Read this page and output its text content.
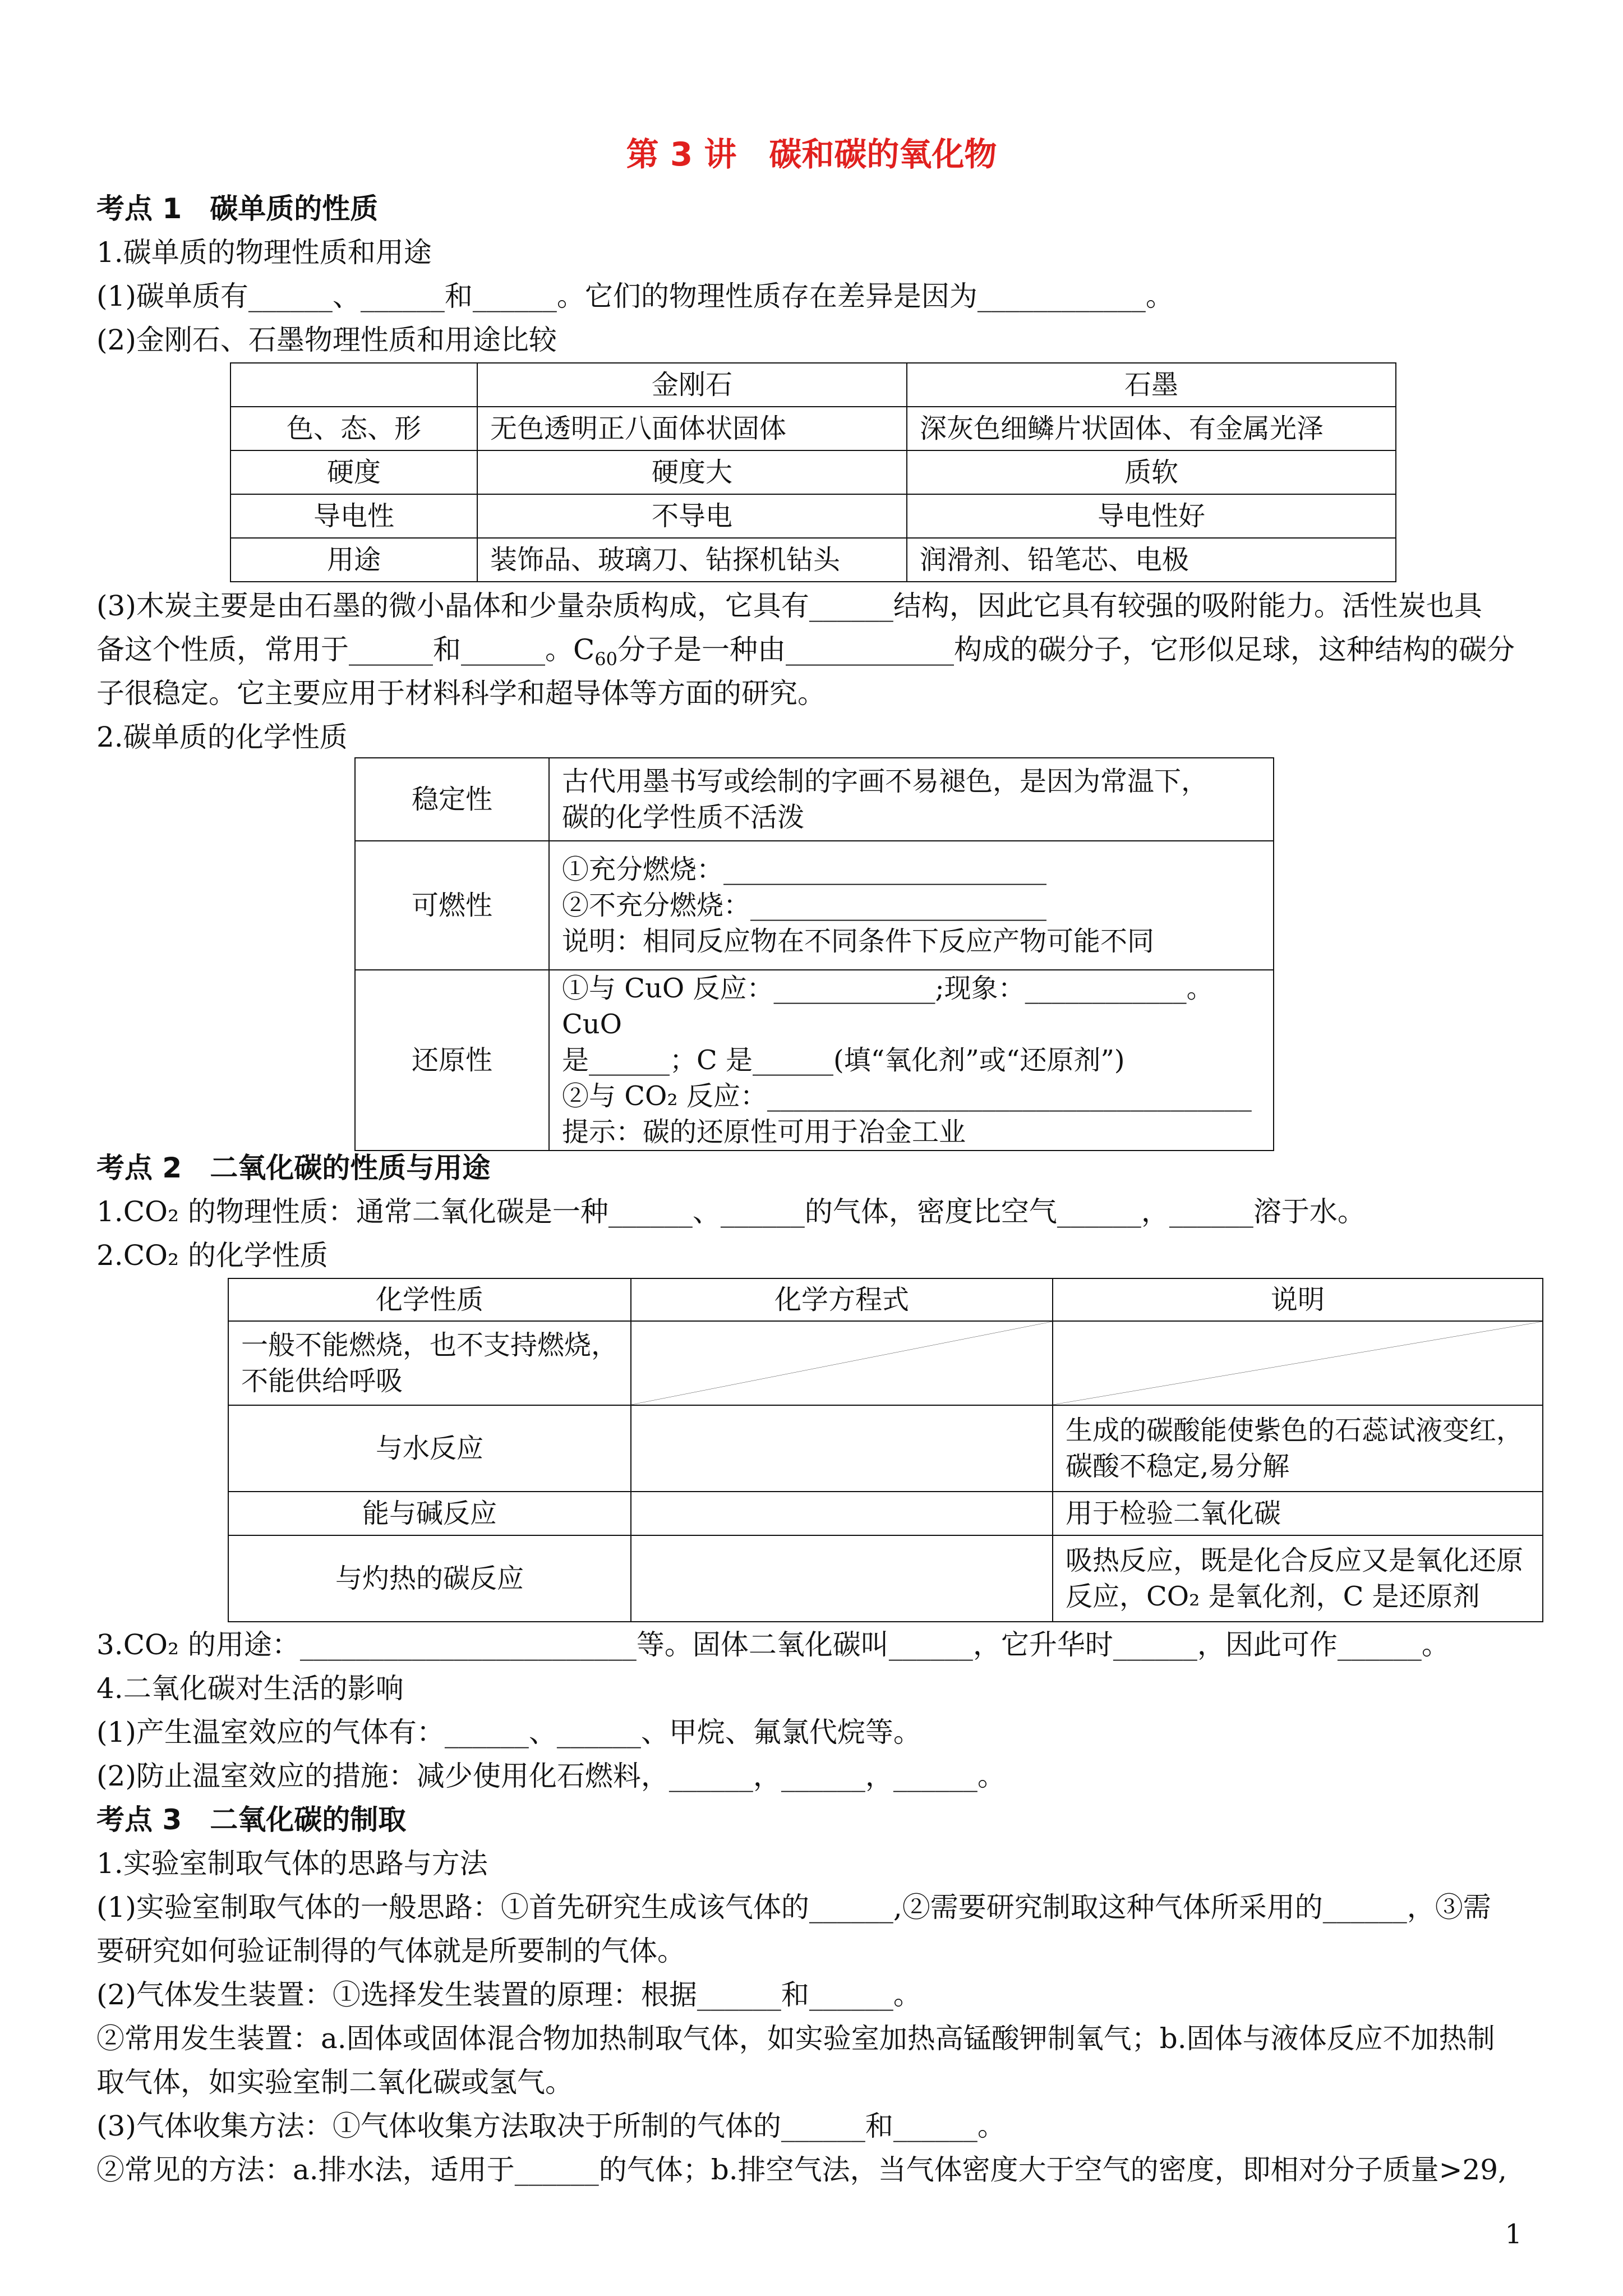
第 3 讲　碳和碳的氧化物
考点 1　碳单质的性质
1.碳单质的物理性质和用途
(1)碳单质有______、______和______。它们的物理性质存在差异是因为____________。
(2)金刚石、石墨物理性质和用途比较
	金刚石	石墨
色、态、形	无色透明正八面体状固体	深灰色细鳞片状固体、有金属光泽
硬度	硬度大	质软
导电性	不导电	导电性好
用途	装饰品、玻璃刀、钻探机钻头	润滑剂、铅笔芯、电极
(3)木炭主要是由石墨的微小晶体和少量杂质构成，它具有______结构，因此它具有较强的吸附能力。活性炭也具
备这个性质，常用于______和______。$C_{60}$分子是一种由____________构成的碳分子，它形似足球，这种结构的碳分
子很稳定。它主要应用于材料科学和超导体等方面的研究。
2.碳单质的化学性质
稳定性	古代用墨书写或绘制的字画不易褪色，是因为常温下，
碳的化学性质不活泼

可燃性	①充分燃烧：________________________
②不充分燃烧：______________________
说明：相同反应物在不同条件下反应产物可能不同

还原性	①与 CuO 反应：____________;现象：____________。CuO
是______；C 是______(填“氧化剂”或“还原剂”)
②与 CO₂ 反应：____________________________________
提示：碳的还原性可用于冶金工业
考点 2　二氧化碳的性质与用途
1.CO₂ 的物理性质：通常二氧化碳是一种______、______的气体，密度比空气______，______溶于水。
2.CO₂ 的化学性质
化学性质	化学方程式	说明
一般不能燃烧，也不支持燃烧，不能供给呼吸	

与水反应		生成的碳酸能使紫色的石蕊试液变红，碳酸不稳定,易分解
能与碱反应		用于检验二氧化碳
与灼热的碳反应		吸热反应，既是化合反应又是氧化还原反应，CO₂ 是氧化剂，C 是还原剂
3.CO₂ 的用途：________________________等。固体二氧化碳叫______，它升华时______，因此可作______。
4.二氧化碳对生活的影响
(1)产生温室效应的气体有：______、______、甲烷、氟氯代烷等。
(2)防止温室效应的措施：减少使用化石燃料，______，______，______。
考点 3　二氧化碳的制取
1.实验室制取气体的思路与方法
(1)实验室制取气体的一般思路：①首先研究生成该气体的______,②需要研究制取这种气体所采用的______，③需
要研究如何验证制得的气体就是所要制的气体。
(2)气体发生装置：①选择发生装置的原理：根据______和______。
②常用发生装置：a.固体或固体混合物加热制取气体，如实验室加热高锰酸钾制氧气；b.固体与液体反应不加热制
取气体，如实验室制二氧化碳或氢气。
(3)气体收集方法：①气体收集方法取决于所制的气体的______和______。
②常见的方法：a.排水法，适用于______的气体；b.排空气法，当气体密度大于空气的密度，即相对分子质量>29,
1
